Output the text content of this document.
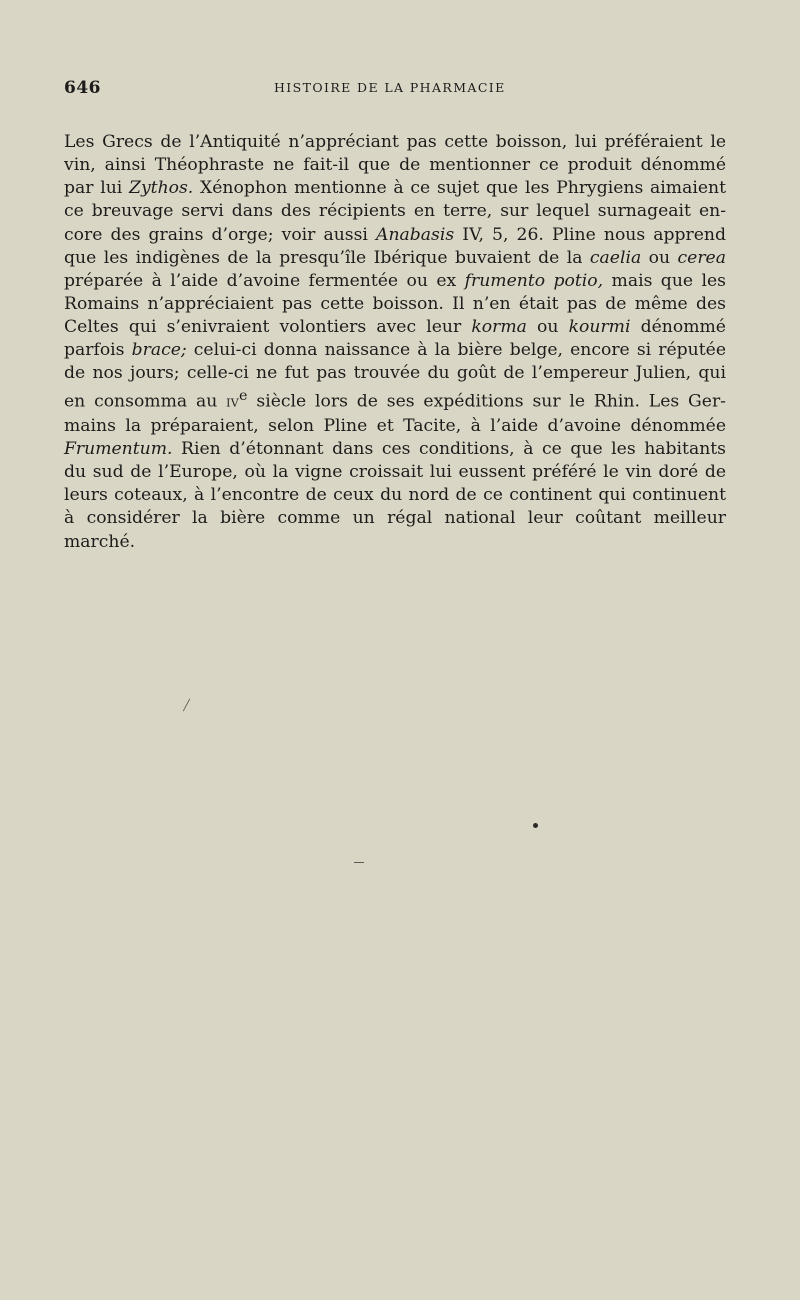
646	HISTOIRE DE LA PHARMACIE

Les Grecs de l’Antiquité n’appréciant pas cette boisson, lui préféraient le vin, ainsi Théophraste ne fait-il que de mentionner ce produit dénommé par lui Zythos. Xénophon mentionne à ce sujet que les Phrygiens aimaient ce breuvage servi dans des récipients en terre, sur lequel surnageait encore des grains d’orge; voir aussi Anabasis IV, 5, 26. Pline nous apprend que les indigènes de la presqu’île Ibérique buvaient de la caelia ou cerea préparée à l’aide d’avoine fermentée ou ex frumento potio, mais que les Romains n’appréciaient pas cette boisson. Il n’en était pas de même des Celtes qui s’enivraient volontiers avec leur korma ou kourmi dénommé parfois brace; celui-ci donna naissance à la bière belge, encore si réputée de nos jours; celle-ci ne fut pas trouvée du goût de l’empereur Julien, qui en consomma au IVe siècle lors de ses expéditions sur le Rhin. Les Germains la préparaient, selon Pline et Tacite, à l’aide d’avoine dénommée Frumentum. Rien d’étonnant dans ces conditions, à ce que les habitants du sud de l’Europe, où la vigne croissait lui eussent préféré le vin doré de leurs coteaux, à l’encontre de ceux du nord de ce continent qui continuent à considérer la bière comme un régal national leur coûtant meilleur marché.
